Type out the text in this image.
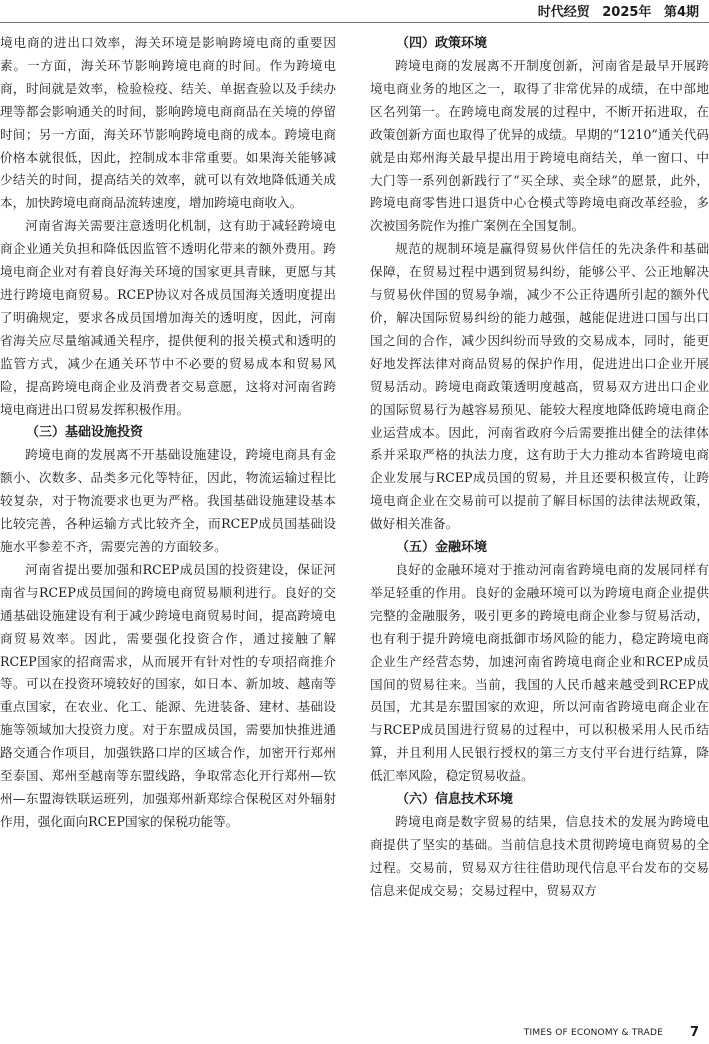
时代经贸 2025年 第4期

境电商的进出口效率，海关环境是影响跨境电商的重要因素。一方面，海关环节影响跨境电商的时间。作为跨境电商，时间就是效率，检验检疫、结关、单据查验以及手续办理等都会影响通关的时间，影响跨境电商商品在关境的停留时间；另一方面，海关环节影响跨境电商的成本。跨境电商价格本就很低，因此，控制成本非常重要。如果海关能够减少结关的时间，提高结关的效率，就可以有效地降低通关成本，加快跨境电商商品流转速度，增加跨境电商收入。

河南省海关需要注意透明化机制，这有助于减轻跨境电商企业通关负担和降低因监管不透明化带来的额外费用。跨境电商企业对有着良好海关环境的国家更具青睐，更愿与其进行跨境电商贸易。RCEP协议对各成员国海关透明度提出了明确规定，要求各成员国增加海关的透明度，因此，河南省海关应尽量缩减通关程序，提供便利的报关模式和透明的监管方式，减少在通关环节中不必要的贸易成本和贸易风险，提高跨境电商企业及消费者交易意愿，这将对河南省跨境电商进出口贸易发挥积极作用。

（三）基础设施投资

跨境电商的发展离不开基础设施建设，跨境电商具有金额小、次数多、品类多元化等特征，因此，物流运输过程比较复杂，对于物流要求也更为严格。我国基础设施建设基本比较完善，各种运输方式比较齐全，而RCEP成员国基础设施水平参差不齐，需要完善的方面较多。

河南省提出要加强和RCEP成员国的投资建设，保证河南省与RCEP成员国间的跨境电商贸易顺利进行。良好的交通基础设施建设有利于减少跨境电商贸易时间，提高跨境电商贸易效率。因此，需要强化投资合作，通过接触了解RCEP国家的招商需求，从而展开有针对性的专项招商推介等。可以在投资环境较好的国家，如日本、新加坡、越南等重点国家，在农业、化工、能源、先进装备、建材、基础设施等领域加大投资力度。对于东盟成员国，需要加快推进通路交通合作项目，加强铁路口岸的区域合作，加密开行郑州至泰国、郑州至越南等东盟线路，争取常态化开行郑州—钦州—东盟海铁联运班列，加强郑州新郑综合保税区对外辐射作用，强化面向RCEP国家的保税功能等。

（四）政策环境

跨境电商的发展离不开制度创新，河南省是最早开展跨境电商业务的地区之一，取得了非常优异的成绩，在中部地区名列第一。在跨境电商发展的过程中，不断开拓进取，在政策创新方面也取得了优异的成绩。早期的“1210”通关代码就是由郑州海关最早提出用于跨境电商结关，单一窗口、中大门等一系列创新践行了“买全球、卖全球”的愿景，此外，跨境电商零售进口退货中心仓模式等跨境电商改革经验，多次被国务院作为推广案例在全国复制。

规范的规制环境是赢得贸易伙伴信任的先决条件和基础保障，在贸易过程中遇到贸易纠纷，能够公平、公正地解决与贸易伙伴国的贸易争端，减少不公正待遇所引起的额外代价，解决国际贸易纠纷的能力越强，越能促进进口国与出口国之间的合作，减少因纠纷而导致的交易成本，同时，能更好地发挥法律对商品贸易的保护作用，促进进出口企业开展贸易活动。跨境电商政策透明度越高，贸易双方进出口企业的国际贸易行为越容易预见、能较大程度地降低跨境电商企业运营成本。因此，河南省政府今后需要推出健全的法律体系并采取严格的执法力度，这有助于大力推动本省跨境电商企业发展与RCEP成员国的贸易，并且还要积极宣传，让跨境电商企业在交易前可以提前了解目标国的法律法规政策，做好相关准备。

（五）金融环境

良好的金融环境对于推动河南省跨境电商的发展同样有举足轻重的作用。良好的金融环境可以为跨境电商企业提供完整的金融服务，吸引更多的跨境电商企业参与贸易活动，也有利于提升跨境电商抵御市场风险的能力，稳定跨境电商企业生产经营态势，加速河南省跨境电商企业和RCEP成员国间的贸易往来。当前，我国的人民币越来越受到RCEP成员国，尤其是东盟国家的欢迎，所以河南省跨境电商企业在与RCEP成员国进行贸易的过程中，可以积极采用人民币结算，并且利用人民银行授权的第三方支付平台进行结算，降低汇率风险，稳定贸易收益。

（六）信息技术环境

跨境电商是数字贸易的结果，信息技术的发展为跨境电商提供了坚实的基础。当前信息技术贯彻跨境电商贸易的全过程。交易前，贸易双方往往借助现代信息平台发布的交易信息来促成交易；交易过程中，贸易双方

TIMES OF ECONOMY & TRADE 7
